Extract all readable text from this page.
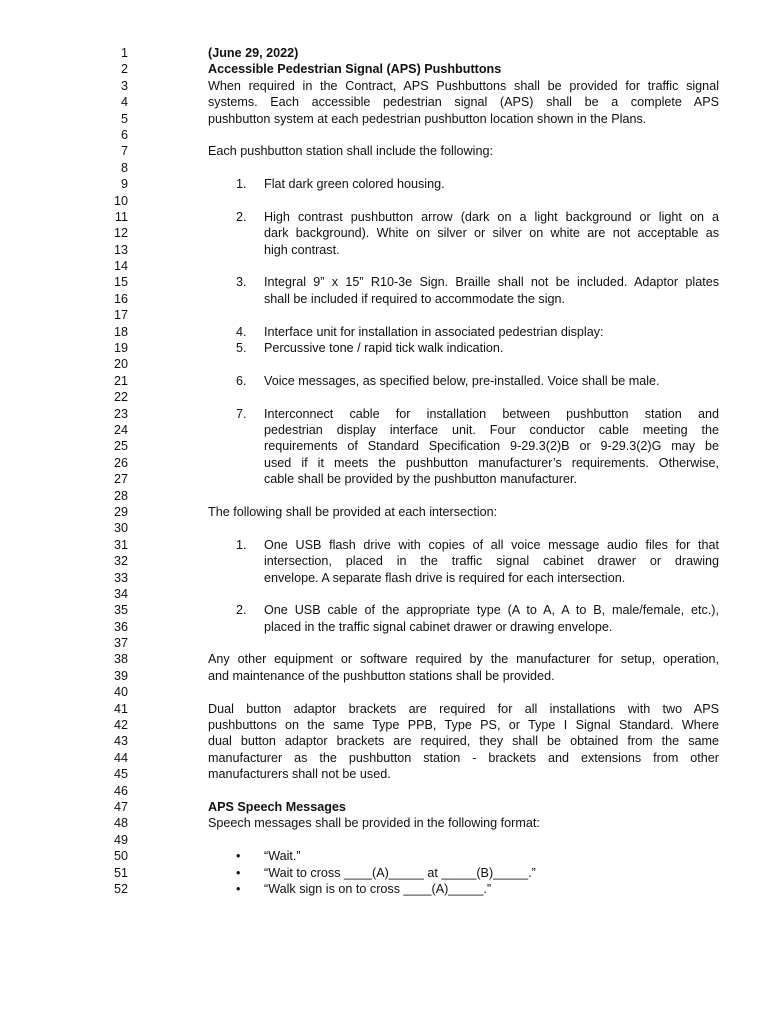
1	(June 29, 2022)
2	Accessible Pedestrian Signal (APS) Pushbuttons
3	When required in the Contract, APS Pushbuttons shall be provided for traffic signal
4	systems. Each accessible pedestrian signal (APS) shall be a complete APS
5	pushbutton system at each pedestrian pushbutton location shown in the Plans.
6
7	Each pushbutton station shall include the following:
8
9	1. Flat dark green colored housing.
10
11	2. High contrast pushbutton arrow (dark on a light background or light on a
12	dark background). White on silver or silver on white are not acceptable as
13	high contrast.
14
15	3. Integral 9” x 15” R10-3e Sign. Braille shall not be included. Adaptor plates
16	shall be included if required to accommodate the sign.
17
18	4. Interface unit for installation in associated pedestrian display:
19	5. Percussive tone / rapid tick walk indication.
20
21	6. Voice messages, as specified below, pre-installed. Voice shall be male.
22
23	7. Interconnect cable for installation between pushbutton station and
24	pedestrian display interface unit. Four conductor cable meeting the
25	requirements of Standard Specification 9-29.3(2)B or 9-29.3(2)G may be
26	used if it meets the pushbutton manufacturer’s requirements. Otherwise,
27	cable shall be provided by the pushbutton manufacturer.
28
29	The following shall be provided at each intersection:
30
31	1. One USB flash drive with copies of all voice message audio files for that
32	intersection, placed in the traffic signal cabinet drawer or drawing
33	envelope. A separate flash drive is required for each intersection.
34
35	2. One USB cable of the appropriate type (A to A, A to B, male/female, etc.),
36	placed in the traffic signal cabinet drawer or drawing envelope.
37
38	Any other equipment or software required by the manufacturer for setup, operation,
39	and maintenance of the pushbutton stations shall be provided.
40
41	Dual button adaptor brackets are required for all installations with two APS
42	pushbuttons on the same Type PPB, Type PS, or Type I Signal Standard. Where
43	dual button adaptor brackets are required, they shall be obtained from the same
44	manufacturer as the pushbutton station - brackets and extensions from other
45	manufacturers shall not be used.
46
47	APS Speech Messages
48	Speech messages shall be provided in the following format:
49
50	• “Wait.”
51	• “Wait to cross ____(A)_____ at _____(B)_____.”
52	• “Walk sign is on to cross ____(A)_____.”
